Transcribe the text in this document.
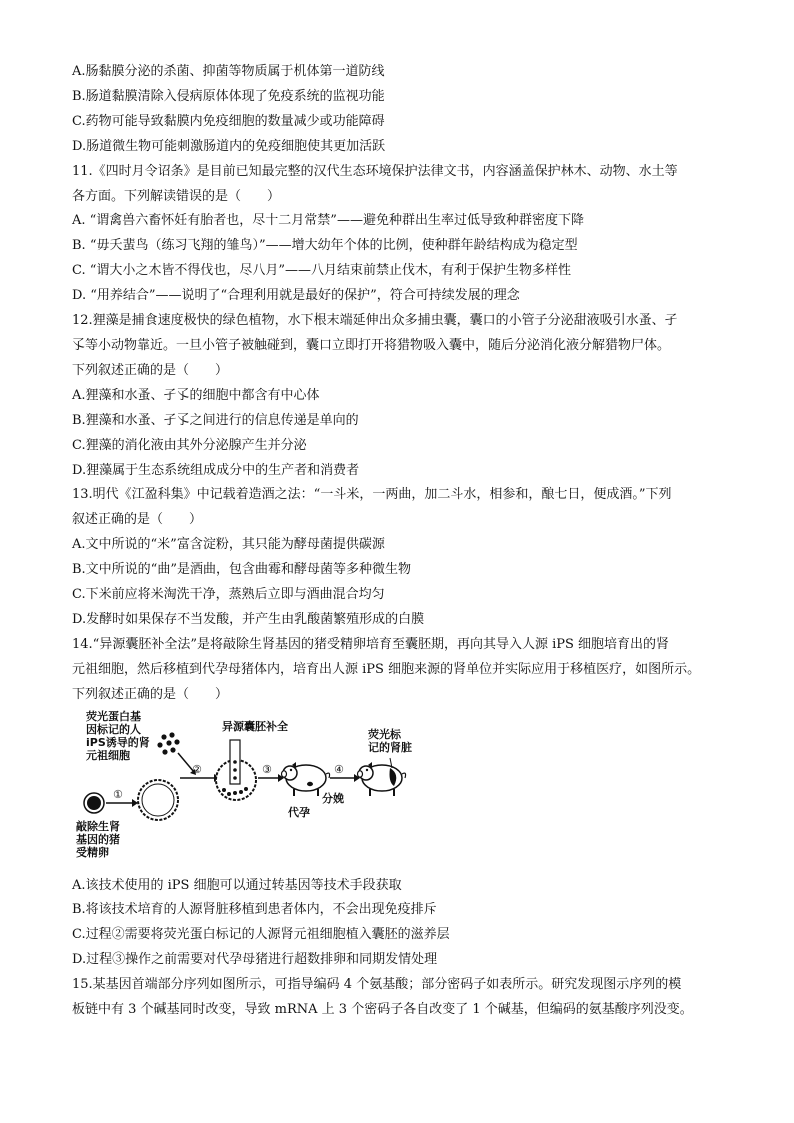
A.肠黏膜分泌的杀菌、抑菌等物质属于机体第一道防线

B.肠道黏膜清除入侵病原体体现了免疫系统的监视功能

C.药物可能导致黏膜内免疫细胞的数量减少或功能障碍

D.肠道微生物可能刺激肠道内的免疫细胞使其更加活跃

11.《四时月令诏条》是目前已知最完整的汉代生态环境保护法律文书，内容涵盖保护林木、动物、水土等

各方面。下列解读错误的是（　　）

A. “谓禽兽六畜怀妊有胎者也，尽十二月常禁”——避免种群出生率过低导致种群密度下降

B. “毋夭蜚鸟（练习飞翔的雏鸟）”——增大幼年个体的比例，使种群年龄结构成为稳定型

C. “谓大小之木皆不得伐也，尽八月”——八月结束前禁止伐木，有利于保护生物多样性

D. “用养结合”——说明了“合理利用就是最好的保护”，符合可持续发展的理念

12.狸藻是捕食速度极快的绿色植物，水下根末端延伸出众多捕虫囊，囊口的小管子分泌甜液吸引水蚤、孑

孓等小动物靠近。一旦小管子被触碰到，囊口立即打开将猎物吸入囊中，随后分泌消化液分解猎物尸体。

下列叙述正确的是（　　）

A.狸藻和水蚤、孑孓的细胞中都含有中心体

B.狸藻和水蚤、孑孓之间进行的信息传递是单向的

C.狸藻的消化液由其外分泌腺产生并分泌

D.狸藻属于生态系统组成成分中的生产者和消费者

13.明代《江盈科集》中记载着造酒之法：“一斗米，一两曲，加二斗水，相参和，酿七日，便成酒。”下列

叙述正确的是（　　）

A.文中所说的“米”富含淀粉，其只能为酵母菌提供碳源

B.文中所说的“曲”是酒曲，包含曲霉和酵母菌等多种微生物

C.下米前应将米淘洗干净，蒸熟后立即与酒曲混合均匀

D.发酵时如果保存不当发酸，并产生由乳酸菌繁殖形成的白膜

14.“异源囊胚补全法”是将敲除生肾基因的猪受精卵培育至囊胚期，再向其导入人源 iPS 细胞培育出的肾

元祖细胞，然后移植到代孕母猪体内，培育出人源 iPS 细胞来源的肾单位并实际应用于移植医疗，如图所示。

下列叙述正确的是（　　）

荧光蛋白基
因标记的人
iPS诱导的肾
元祖细胞
敲除生肾
基因的猪
受精卵
异源囊胚补全
代孕
分娩
荧光标
记的肾脏
①
②	③	④

A.该技术使用的 iPS 细胞可以通过转基因等技术手段获取

B.将该技术培育的人源肾脏移植到患者体内，不会出现免疫排斥

C.过程②需要将荧光蛋白标记的人源肾元祖细胞植入囊胚的滋养层

D.过程③操作之前需要对代孕母猪进行超数排卵和同期发情处理

15.某基因首端部分序列如图所示，可指导编码 4 个氨基酸；部分密码子如表所示。研究发现图示序列的模

板链中有 3 个碱基同时改变，导致 mRNA 上 3 个密码子各自改变了 1 个碱基，但编码的氨基酸序列没变。
